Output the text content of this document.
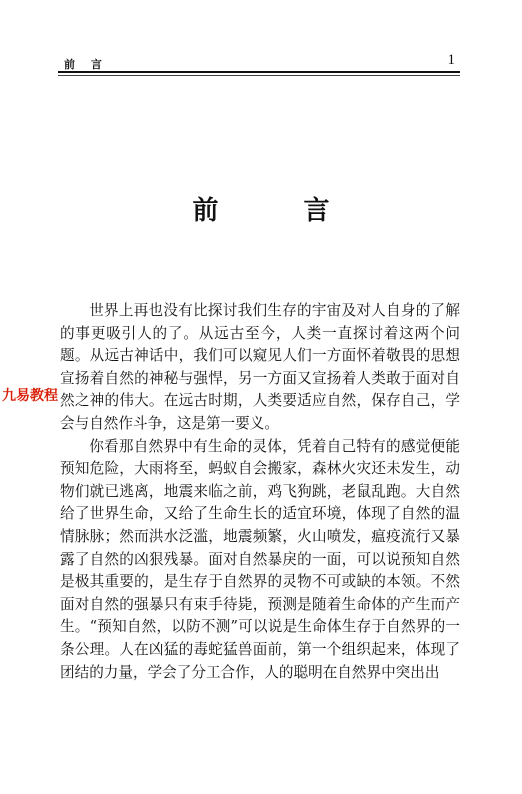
前 言	1
前 言

世界上再也没有比探讨我们生存的宇宙及对人自身的了解的事更吸引人的了。从远古至今，人类一直探讨着这两个问题。从远古神话中，我们可以窥见人们一方面怀着敬畏的思想宣扬着自然的神秘与强悍，另一方面又宣扬着人类敢于面对自然之神的伟大。在远古时期，人类要适应自然，保存自己，学会与自然作斗争，这是第一要义。

你看那自然界中有生命的灵体，凭着自己特有的感觉便能预知危险，大雨将至，蚂蚁自会搬家，森林火灾还未发生，动物们就已逃离，地震来临之前，鸡飞狗跳，老鼠乱跑。大自然给了世界生命，又给了生命生长的适宜环境，体现了自然的温情脉脉；然而洪水泛滥，地震频繁，火山喷发，瘟疫流行又暴露了自然的凶狠残暴。面对自然暴戾的一面，可以说预知自然是极其重要的，是生存于自然界的灵物不可或缺的本领。不然面对自然的强暴只有束手待毙，预测是随着生命体的产生而产生。“预知自然，以防不测”可以说是生命体生存于自然界的一条公理。人在凶猛的毒蛇猛兽面前，第一个组织起来，体现了团结的力量，学会了分工合作，人的聪明在自然界中突出出

九易教程
